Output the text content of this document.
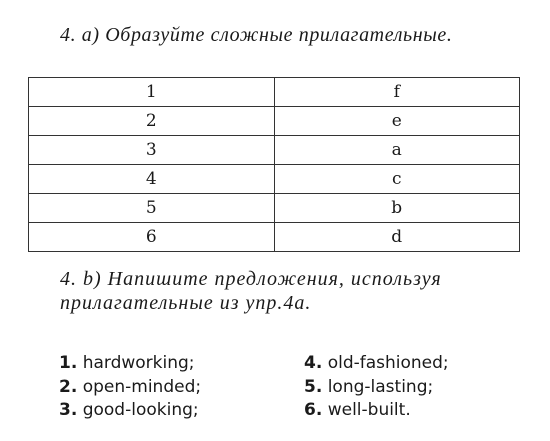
4. a) Образуйте сложные прилагательные.
1	f
2	e
3	a
4	c
5	b
6	d
4. b) Напишите предложения, используя
прилагательные из упр.4а.
1. hardworking;
2. open-minded;
3. good-looking;
4. old-fashioned;
5. long-lasting;
6. well-built.
